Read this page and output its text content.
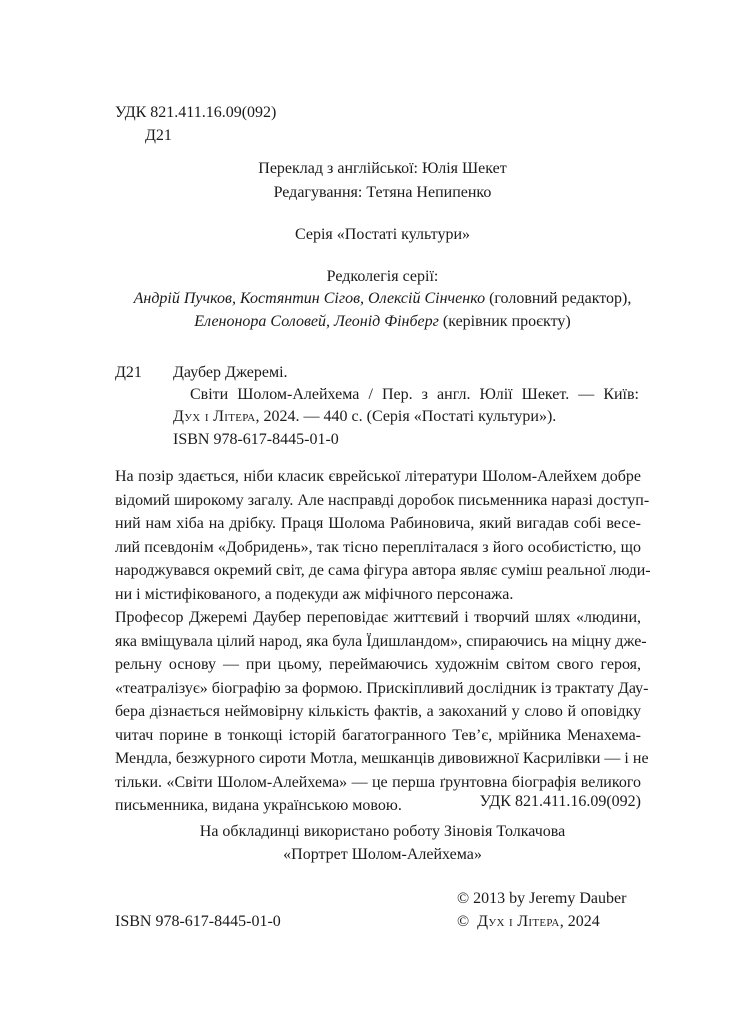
УДК 821.411.16.09(092)
Д21
Переклад з англійської: Юлія Шекет
Редагування: Тетяна Непипенко
Серія «Постаті культури»
Редколегія серії:
Андрій Пучков, Костянтин Сігов, Олексій Сінченко (головний редактор),
Еленонора Соловей, Леонід Фінберг (керівник проєкту)
Д21 Даубер Джеремі.
Світи Шолом-Алейхема / Пер. з англ. Юлії Шекет. — Київ:
Дух і Літера, 2024. — 440 с. (Серія «Постаті культури»).
ISBN 978-617-8445-01-0
На позір здається, ніби класик єврейської літератури Шолом-Алейхем добре
відомий широкому загалу. Але насправді доробок письменника наразі доступ-
ний нам хіба на дрібку. Праця Шолома Рабиновича, який вигадав собі весе-
лий псевдонім «Добридень», так тісно перепліталася з його особистістю, що
народжувався окремий світ, де сама фігура автора являє суміш реальної люди-
ни і містифікованого, а подекуди аж міфічного персонажа.
Професор Джеремі Даубер переповідає життєвий і творчий шлях «людини,
яка вміщувала цілий народ, яка була Їдишландом», спираючись на міцну дже-
рельну основу — при цьому, переймаючись художнім світом свого героя,
«театралізує» біографію за формою. Прискіпливий дослідник із трактату Дау-
бера дізнається неймовірну кількість фактів, а закоханий у слово й оповідку
читач порине в тонкощі історій багатогранного Тев’є, мрійника Менахема-
Мендла, безжурного сироти Мотла, мешканців дивовижної Касрилівки — і не
тільки. «Світи Шолом-Алейхема» — це перша ґрунтовна біографія великого
письменника, видана українською мовою.	УДК 821.411.16.09(092)
На обкладинці використано роботу Зіновія Толкачова
«Портрет Шолом-Алейхема»
© 2013 by Jeremy Dauber
© Дух і Літера, 2024
ISBN 978-617-8445-01-0
